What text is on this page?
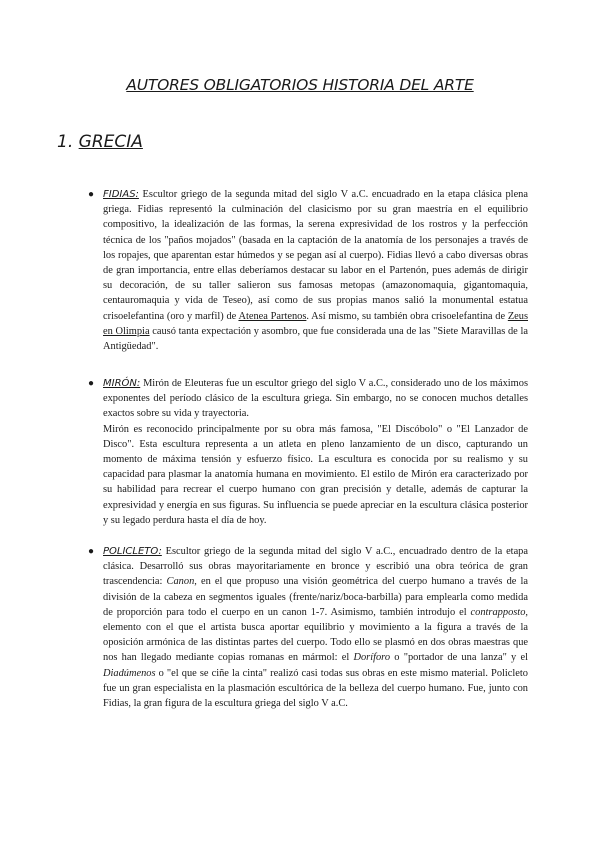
AUTORES OBLIGATORIOS HISTORIA DEL ARTE
1. GRECIA
● FIDIAS: Escultor griego de la segunda mitad del siglo V a.C. encuadrado en la etapa clásica plena griega. Fidias representó la culminación del clasicismo por su gran maestría en el equilibrio compositivo, la idealización de las formas, la serena expresividad de los rostros y la perfección técnica de los "paños mojados" (basada en la captación de la anatomía de los personajes a través de los ropajes, que aparentan estar húmedos y se pegan así al cuerpo). Fidias llevó a cabo diversas obras de gran importancia, entre ellas deberíamos destacar su labor en el Partenón, pues además de dirigir su decoración, de su taller salieron sus famosas metopas (amazonomaquia, gigantomaquia, centauromaquia y vida de Teseo), así como de sus propias manos salió la monumental estatua crisoelefantina (oro y marfil) de Atenea Partenos. Así mismo, su también obra crisoelefantina de Zeus en Olimpia causó tanta expectación y asombro, que fue considerada una de las "Siete Maravillas de la Antigüedad".

● MIRÓN: Mirón de Eleuteras fue un escultor griego del siglo V a.C., considerado uno de los máximos exponentes del período clásico de la escultura griega. Sin embargo, no se conocen muchos detalles exactos sobre su vida y trayectoria.

Mirón es reconocido principalmente por su obra más famosa, "El Discóbolo" o "El Lanzador de Disco". Esta escultura representa a un atleta en pleno lanzamiento de un disco, capturando un momento de máxima tensión y esfuerzo físico. La escultura es conocida por su realismo y su capacidad para plasmar la anatomía humana en movimiento. El estilo de Mirón era caracterizado por su habilidad para recrear el cuerpo humano con gran precisión y detalle, además de capturar la expresividad y energía en sus figuras. Su influencia se puede apreciar en la escultura clásica posterior y su legado perdura hasta el día de hoy.

● POLICLETO: Escultor griego de la segunda mitad del siglo V a.C., encuadrado dentro de la etapa clásica. Desarrolló sus obras mayoritariamente en bronce y escribió una obra teórica de gran trascendencia: Canon, en el que propuso una visión geométrica del cuerpo humano a través de la división de la cabeza en segmentos iguales (frente/nariz/boca-barbilla) para emplearla como medida de proporción para todo el cuerpo en un canon 1-7. Asimismo, también introdujo el contrapposto, elemento con el que el artista busca aportar equilibrio y movimiento a la figura a través de la oposición armónica de las distintas partes del cuerpo. Todo ello se plasmó en dos obras maestras que nos han llegado mediante copias romanas en mármol: el Doríforo o "portador de una lanza" y el Diadúmenos o "el que se ciñe la cinta" realizó casi todas sus obras en este mismo material. Policleto fue un gran especialista en la plasmación escultórica de la belleza del cuerpo humano. Fue, junto con Fidias, la gran figura de la escultura griega del siglo V a.C.
